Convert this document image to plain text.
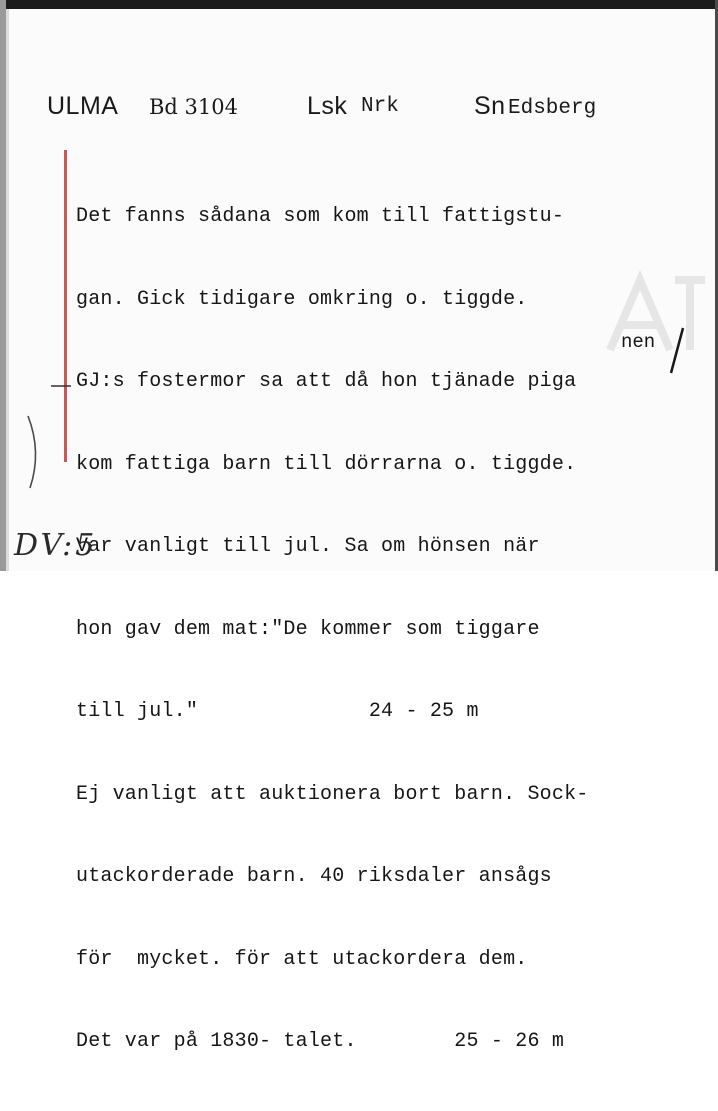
ULMA Bd 3104	Lsk Nrk	Sn Edsberg

Det fanns sådana som kom till fattigstu-

gan. Gick tidigare omkring o. tiggde.

GJ:s fostermor sa att då hon tjänade piga

kom fattiga barn till dörrarna o. tiggde.

Var vanligt till jul. Sa om hönsen när

hon gav dem mat:"De kommer som tiggare

till jul."              24 - 25 m

Ej vanligt att auktionera bort barn. Sock-

utackorderade barn. 40 riksdaler ansågs

för  mycket. för att utackordera dem.

Det var på 1830- talet.        25 - 26 m

nen
DV:5
